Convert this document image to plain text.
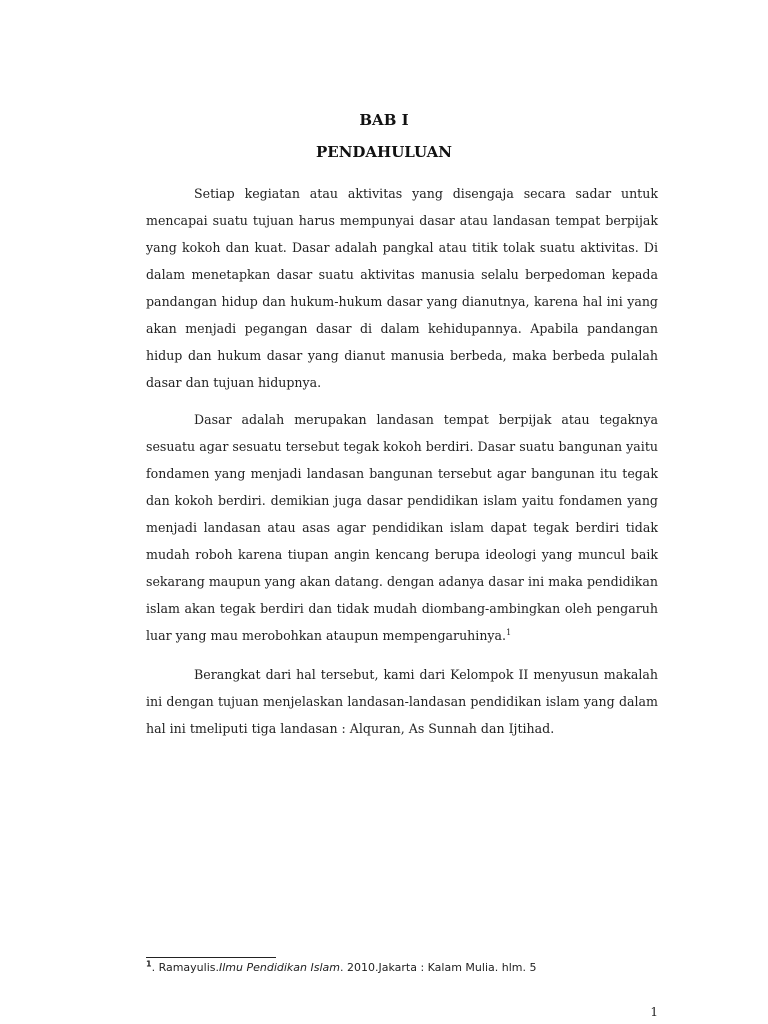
BAB I
PENDAHULUAN

Setiap kegiatan atau aktivitas yang disengaja secara sadar untuk mencapai suatu tujuan harus mempunyai dasar atau landasan tempat berpijak yang kokoh dan kuat. Dasar adalah pangkal atau titik tolak suatu aktivitas. Di dalam menetapkan dasar suatu aktivitas manusia selalu berpedoman kepada pandangan hidup dan hukum-hukum dasar yang dianutnya, karena hal ini yang akan menjadi pegangan dasar di dalam kehidupannya. Apabila pandangan hidup dan hukum dasar yang dianut manusia berbeda, maka berbeda pulalah dasar dan tujuan hidupnya.

Dasar adalah merupakan landasan tempat berpijak atau tegaknya sesuatu agar sesuatu tersebut tegak kokoh berdiri. Dasar suatu bangunan yaitu fondamen yang menjadi landasan bangunan tersebut agar bangunan itu tegak dan kokoh berdiri. demikian juga dasar pendidikan islam yaitu fondamen yang menjadi landasan atau asas agar pendidikan islam dapat tegak berdiri tidak mudah roboh karena tiupan angin kencang berupa ideologi yang muncul baik sekarang maupun yang akan datang. dengan adanya dasar ini maka pendidikan islam akan tegak berdiri dan tidak mudah diombang-ambingkan oleh pengaruh luar yang mau merobohkan ataupun mempengaruhinya.$^1$

Berangkat dari hal tersebut, kami dari Kelompok II menyusun makalah ini dengan tujuan menjelaskan landasan-landasan pendidikan islam yang dalam hal ini tmeliputi tiga landasan : Alquran, As Sunnah dan Ijtihad.

$^1$. Ramayulis.Ilmu Pendidikan Islam. 2010.Jakarta : Kalam Mulia. hlm. 5
1
